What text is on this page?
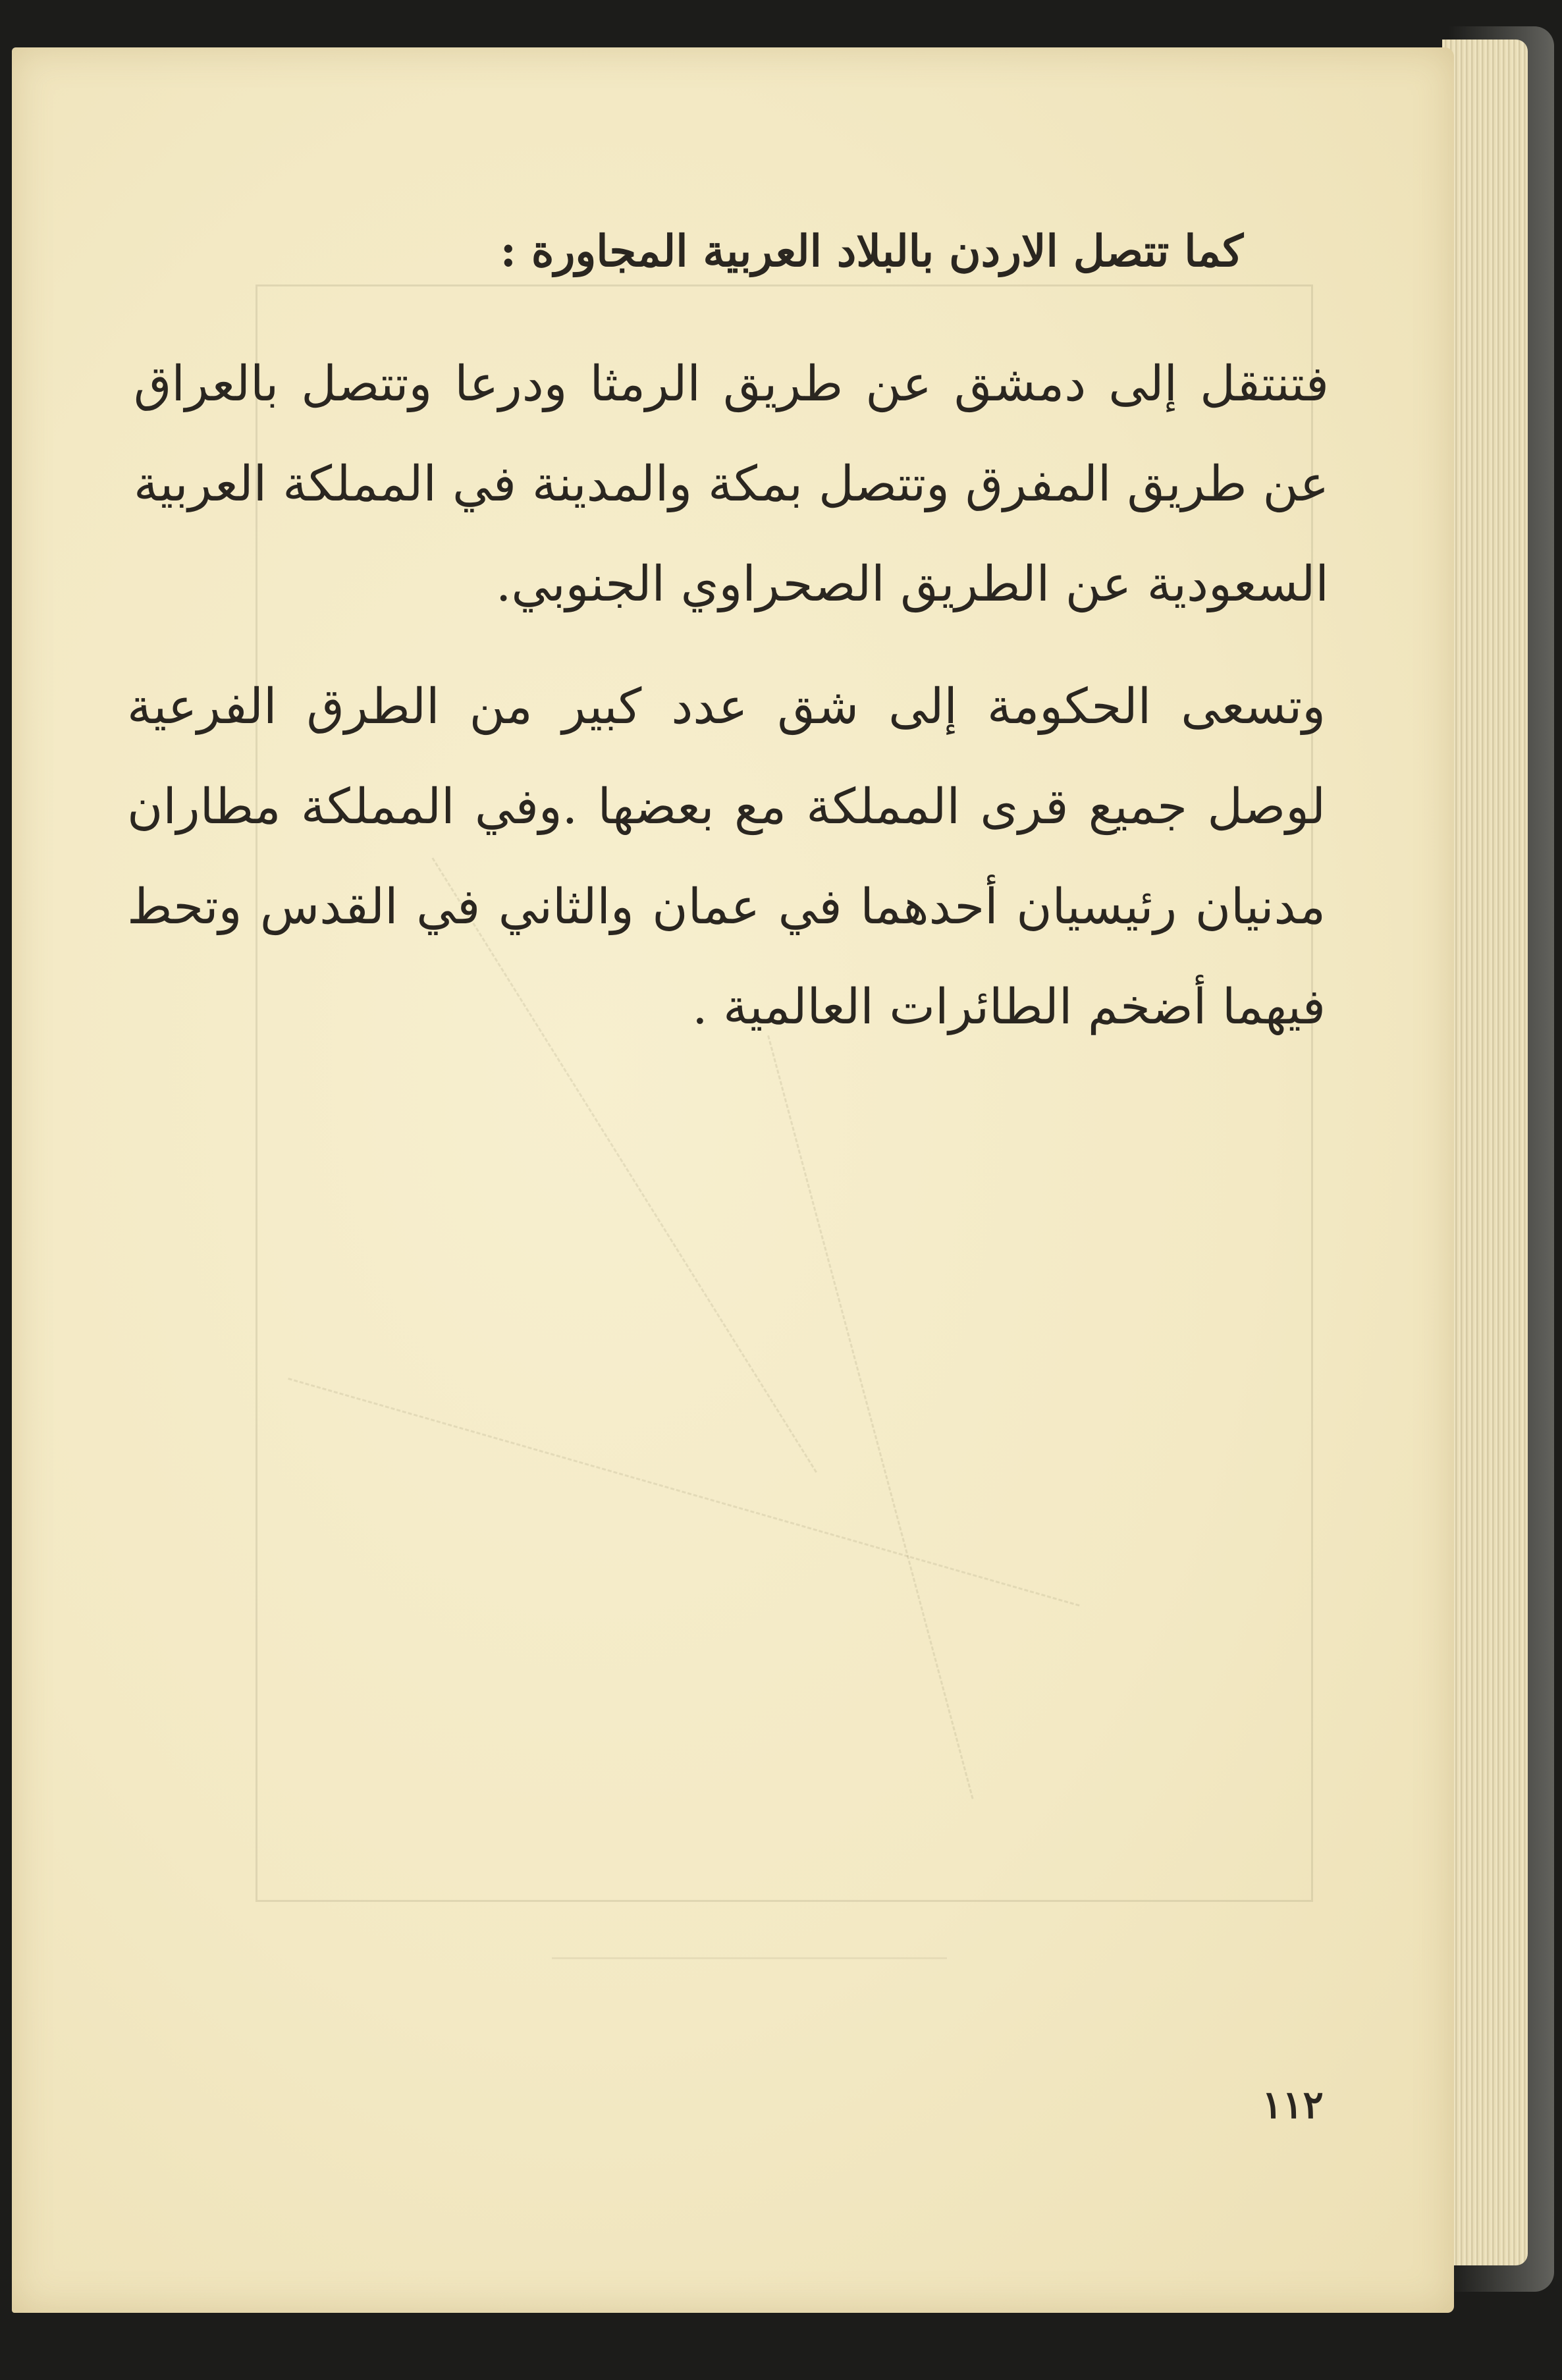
كما تتصل الاردن بالبلاد العربية المجاورة :
فتنتقل إلى دمشق عن طريق الرمثا ودرعا وتتصل بالعراق عن طريق المفرق وتتصل بمكة والمدينة في المملكة العربية السعودية عن الطريق الصحراوي الجنوبي.
وتسعى الحكومة إلى شق عدد كبير من الطرق الفرعية لوصل جميع قرى المملكة مع بعضها .وفي المملكة مطاران مدنيان رئيسيان أحدهما في عمان والثاني في القدس وتحط فيهما أضخم الطائرات العالمية .
١١٢
